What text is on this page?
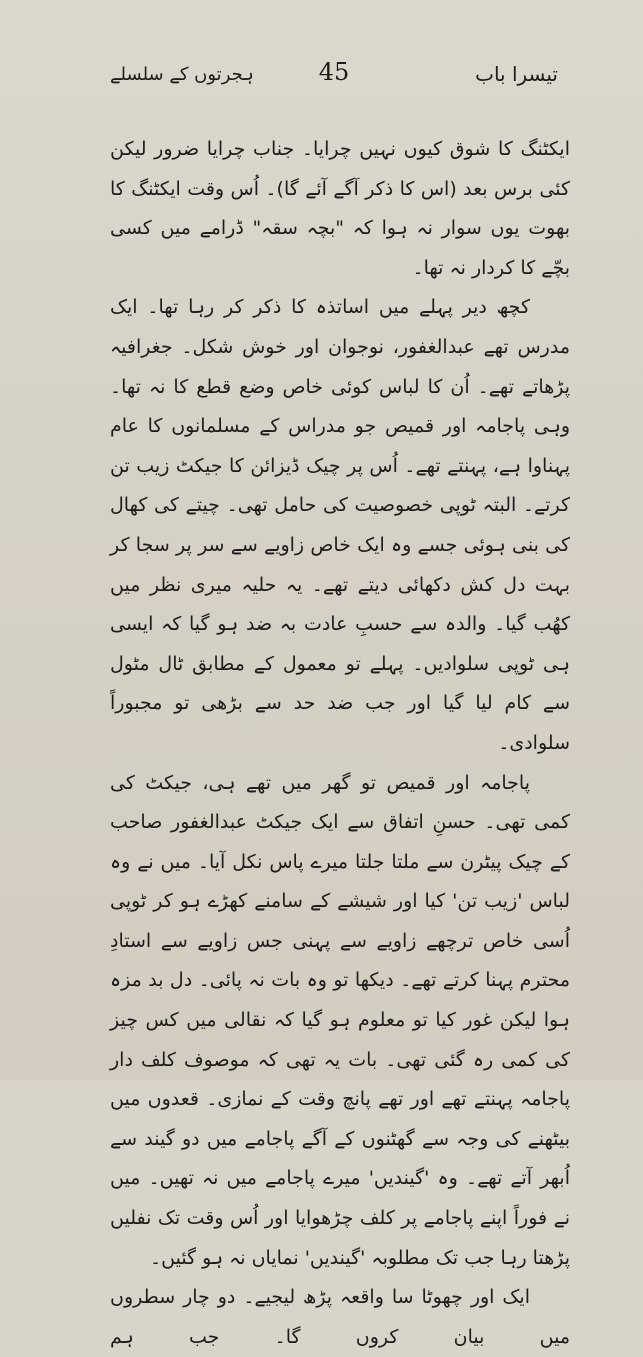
تیسرا باب
45
ہجرتوں کے سلسلے

ایکٹنگ کا شوق کیوں نہیں چرایا۔ جناب چرایا ضرور لیکن کئی برس بعد (اس کا ذکر آگے آئے گا)۔ اُس وقت ایکٹنگ کا بھوت یوں سوار نہ ہوا کہ "بچہ سقہ" ڈرامے میں کسی بچّے کا کردار نہ تھا۔

کچھ دیر پہلے میں اساتذہ کا ذکر کر رہا تھا۔ ایک مدرس تھے عبدالغفور، نوجوان اور خوش شکل۔ جغرافیہ پڑھاتے تھے۔ اُن کا لباس کوئی خاص وضع قطع کا نہ تھا۔ وہی پاجامہ اور قمیص جو مدراس کے مسلمانوں کا عام پہناوا ہے، پہنتے تھے۔ اُس پر چیک ڈیزائن کا جیکٹ زیب تن کرتے۔ البتہ ٹوپی خصوصیت کی حامل تھی۔ چیتے کی کھال کی بنی ہوئی جسے وہ ایک خاص زاویے سے سر پر سجا کر بہت دل کش دکھائی دیتے تھے۔ یہ حلیہ میری نظر میں کھُب گیا۔ والدہ سے حسبِ عادت بہ ضد ہو گیا کہ ایسی ہی ٹوپی سلوادیں۔ پہلے تو معمول کے مطابق ٹال مٹول سے کام لیا گیا اور جب ضد حد سے بڑھی تو مجبوراً سلوادی۔

پاجامہ اور قمیص تو گھر میں تھے ہی، جیکٹ کی کمی تھی۔ حسنِ اتفاق سے ایک جیکٹ عبدالغفور صاحب کے چیک پیٹرن سے ملتا جلتا میرے پاس نکل آیا۔ میں نے وہ لباس 'زیب تن' کیا اور شیشے کے سامنے کھڑے ہو کر ٹوپی اُسی خاص ترچھے زاویے سے پہنی جس زاویے سے استادِ محترم پہنا کرتے تھے۔ دیکھا تو وہ بات نہ پائی۔ دل بد مزہ ہوا لیکن غور کیا تو معلوم ہو گیا کہ نقالی میں کس چیز کی کمی رہ گئی تھی۔ بات یہ تھی کہ موصوف کلف دار پاجامہ پہنتے تھے اور تھے پانچ وقت کے نمازی۔ قعدوں میں بیٹھنے کی وجہ سے گھٹنوں کے آگے پاجامے میں دو گیند سے اُبھر آتے تھے۔ وہ 'گیندیں' میرے پاجامے میں نہ تھیں۔ میں نے فوراً اپنے پاجامے پر کلف چڑھوایا اور اُس وقت تک نفلیں پڑھتا رہا جب تک مطلوبہ 'گیندیں' نمایاں نہ ہو گئیں۔

ایک اور چھوٹا سا واقعہ پڑھ لیجیے۔ دو چار سطروں میں بیان کروں گا۔ جب ہم
